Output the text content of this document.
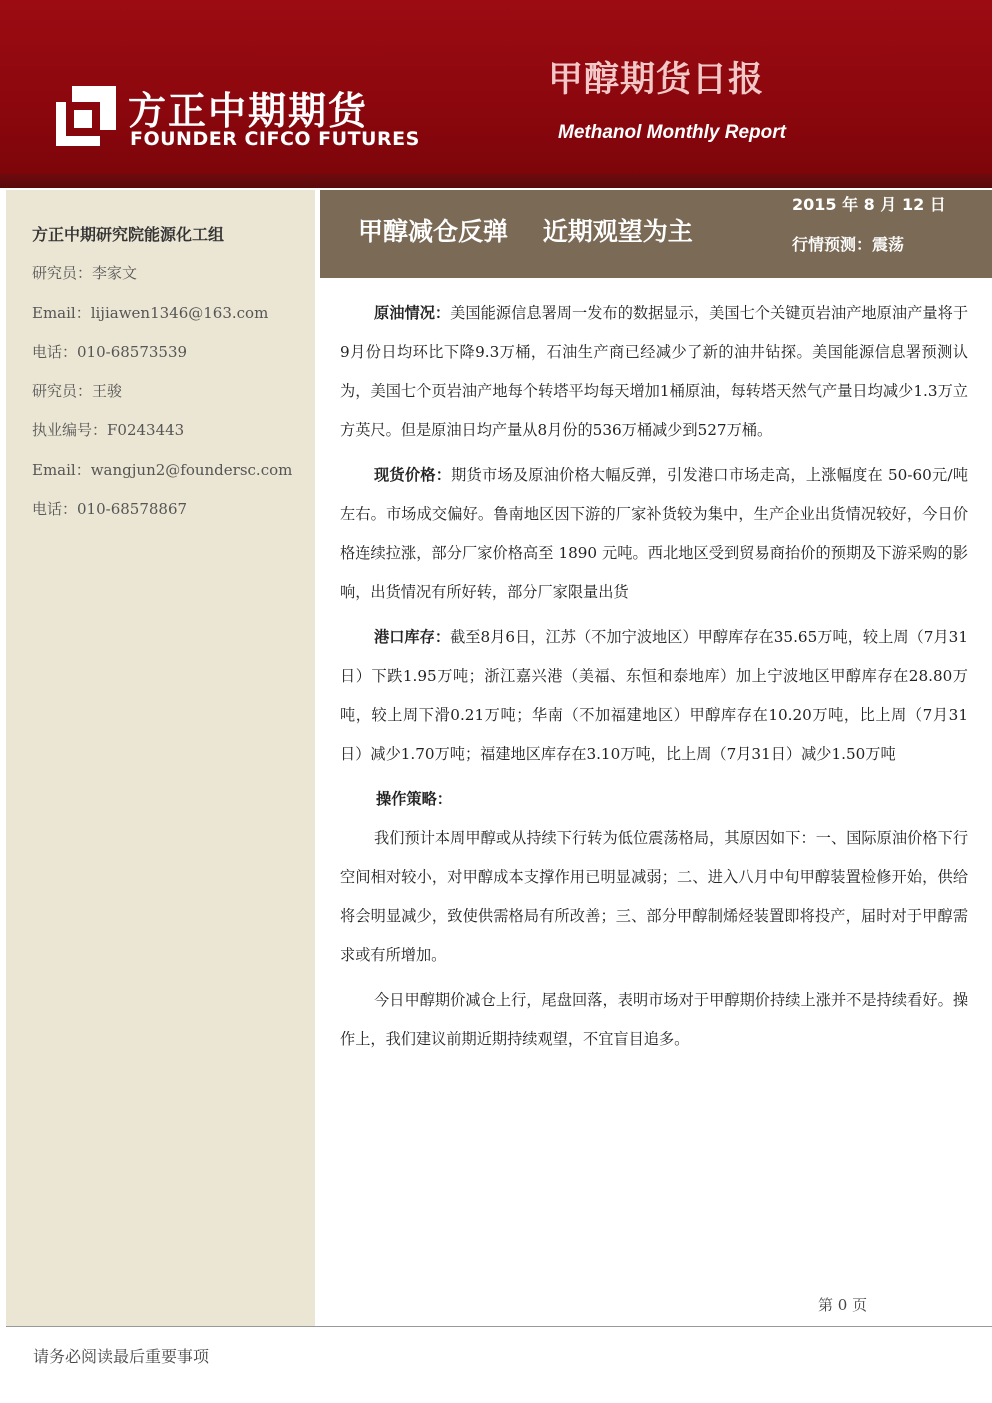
方正中期期货
FOUNDER CIFCO FUTURES
甲醇期货日报
Methanol Monthly Report
方正中期研究院能源化工组
研究员：李家文
Email：lijiawen1346@163.com
电话：010-68573539
研究员：王骏
执业编号：F0243443
Email：wangjun2@foundersc.com
电话：010-68578867
甲醇减仓反弹 近期观望为主
2015 年 8 月 12 日
行情预测：震荡

原油情况：美国能源信息署周一发布的数据显示，美国七个关键页岩油产地原油产量将于9月份日均环比下降9.3万桶，石油生产商已经减少了新的油井钻探。美国能源信息署预测认为，美国七个页岩油产地每个转塔平均每天增加1桶原油，每转塔天然气产量日均减少1.3万立方英尺。但是原油日均产量从8月份的536万桶减少到527万桶。

现货价格：期货市场及原油价格大幅反弹，引发港口市场走高，上涨幅度在 50-60元/吨左右。市场成交偏好。鲁南地区因下游的厂家补货较为集中，生产企业出货情况较好，今日价格连续拉涨，部分厂家价格高至 1890 元吨。西北地区受到贸易商抬价的预期及下游采购的影响，出货情况有所好转，部分厂家限量出货

港口库存：截至8月6日，江苏（不加宁波地区）甲醇库存在35.65万吨，较上周（7月31日）下跌1.95万吨；浙江嘉兴港（美福、东恒和泰地库）加上宁波地区甲醇库存在28.80万吨，较上周下滑0.21万吨；华南（不加福建地区）甲醇库存在10.20万吨，比上周（7月31日）减少1.70万吨；福建地区库存在3.10万吨，比上周（7月31日）减少1.50万吨

操作策略：

我们预计本周甲醇或从持续下行转为低位震荡格局，其原因如下：一、国际原油价格下行空间相对较小，对甲醇成本支撑作用已明显减弱；二、进入八月中旬甲醇装置检修开始，供给将会明显减少，致使供需格局有所改善；三、部分甲醇制烯烃装置即将投产，届时对于甲醇需求或有所增加。

今日甲醇期价减仓上行，尾盘回落，表明市场对于甲醇期价持续上涨并不是持续看好。操作上，我们建议前期近期持续观望，不宜盲目追多。

第 0 页
请务必阅读最后重要事项
